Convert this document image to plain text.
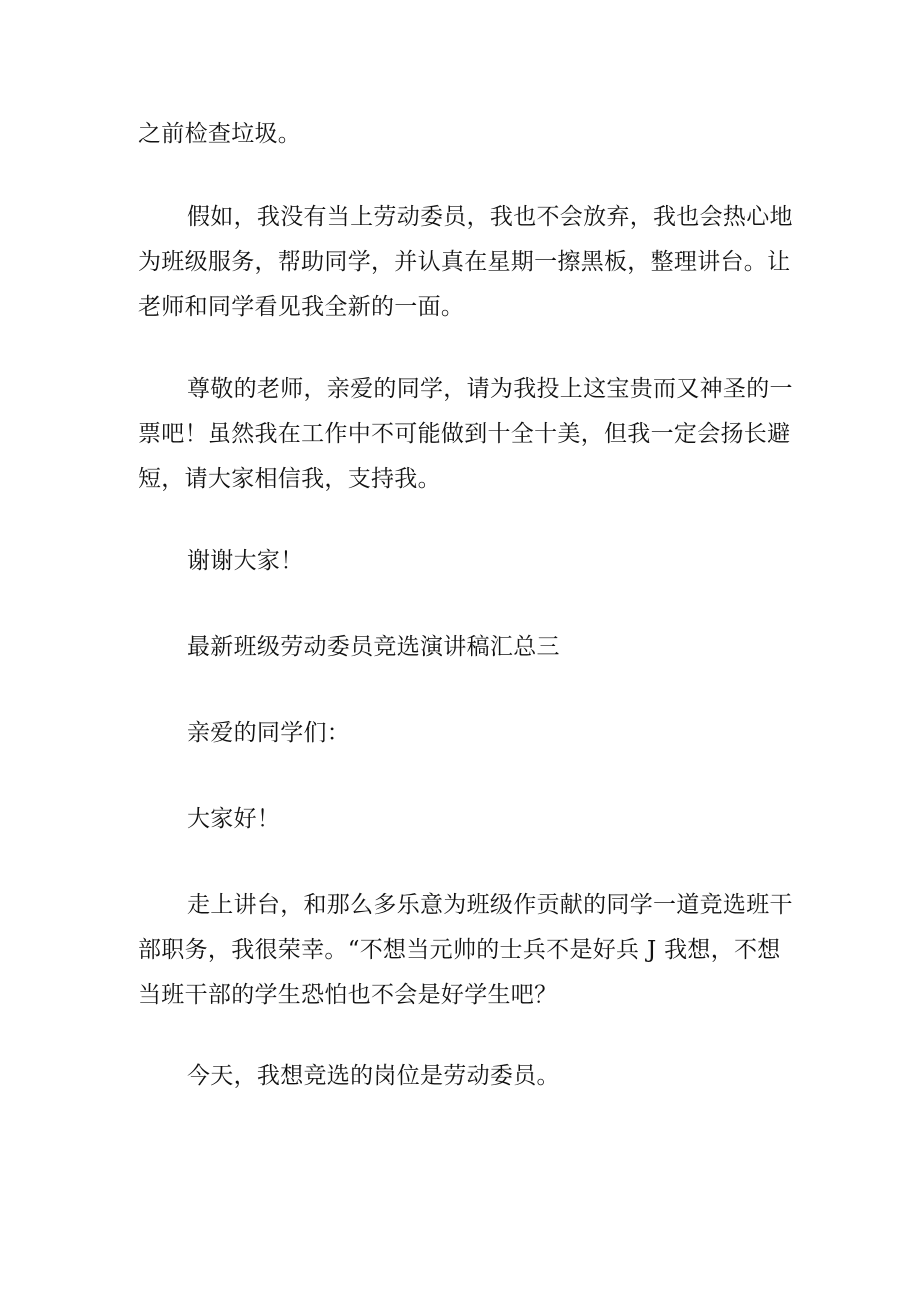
之前检查垃圾。

假如，我没有当上劳动委员，我也不会放弃，我也会热心地
为班级服务，帮助同学，并认真在星期一擦黑板，整理讲台。让
老师和同学看见我全新的一面。

尊敬的老师，亲爱的同学，请为我投上这宝贵而又神圣的一
票吧！虽然我在工作中不可能做到十全十美，但我一定会扬长避
短，请大家相信我，支持我。

谢谢大家！

最新班级劳动委员竞选演讲稿汇总三

亲爱的同学们：

大家好！

走上讲台，和那么多乐意为班级作贡献的同学一道竞选班干
部职务，我很荣幸。“不想当元帅的士兵不是好兵 J 我想，不想
当班干部的学生恐怕也不会是好学生吧？

今天，我想竞选的岗位是劳动委员。
